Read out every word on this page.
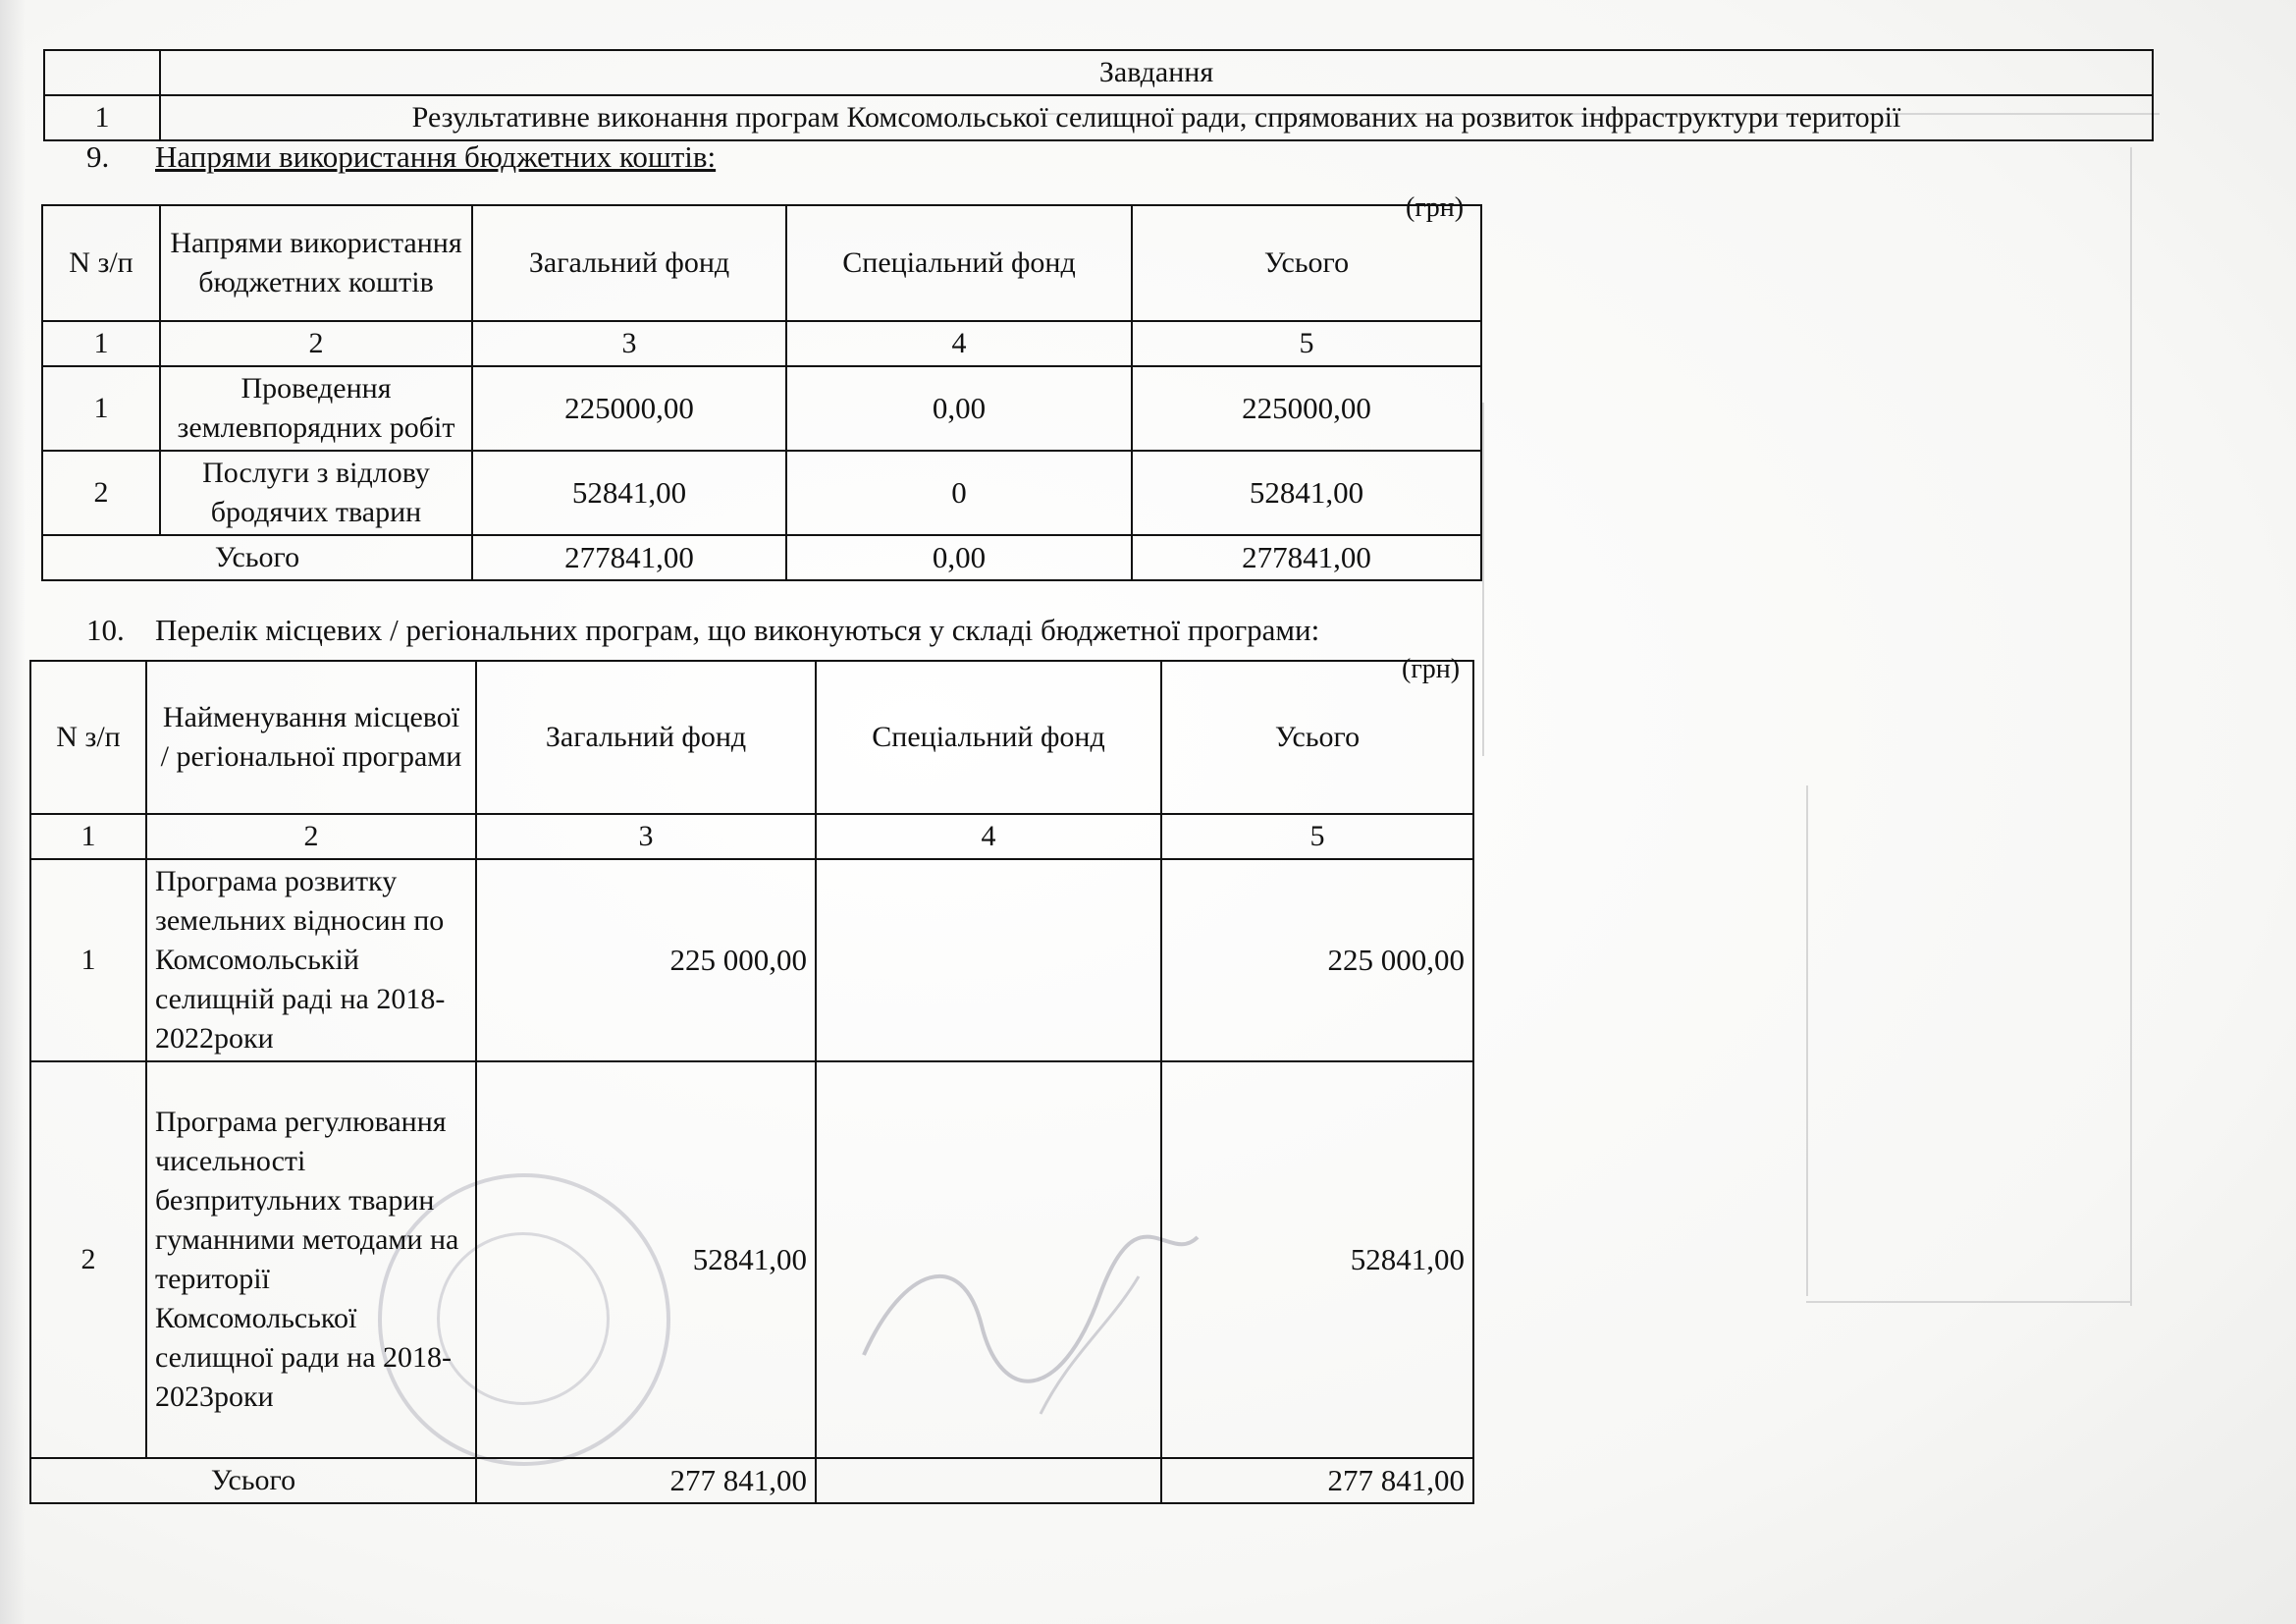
	Завдання
1	Результативне виконання програм Комсомольської селищної ради, спрямованих на розвиток інфраструктури території
9. Напрями використання бюджетних коштів:
(грн)
N з/п	Напрями використання бюджетних коштів	Загальний фонд	Спеціальний фонд	Усього
1	2	3	4	5
1	Проведення землевпорядних робіт	225000,00	0,00	225000,00
2	Послуги з відлову бродячих тварин	52841,00	0	52841,00
Усього		277841,00	0,00	277841,00
10. Перелік місцевих / регіональних програм, що виконуються у складі бюджетної програми:
(грн)
N з/п	Найменування місцевої / регіональної програми	Загальний фонд	Спеціальний фонд	Усього
1	2	3	4	5
1	Програма розвитку земельних відносин по Комсомольській селищній раді на 2018-2022роки	225 000,00		225 000,00
2	Програма регулювання чисельності безпритульних тварин гуманними методами на території Комсомольської селищної ради на 2018-2023роки	52841,00		52841,00
Усього		277 841,00		277 841,00
